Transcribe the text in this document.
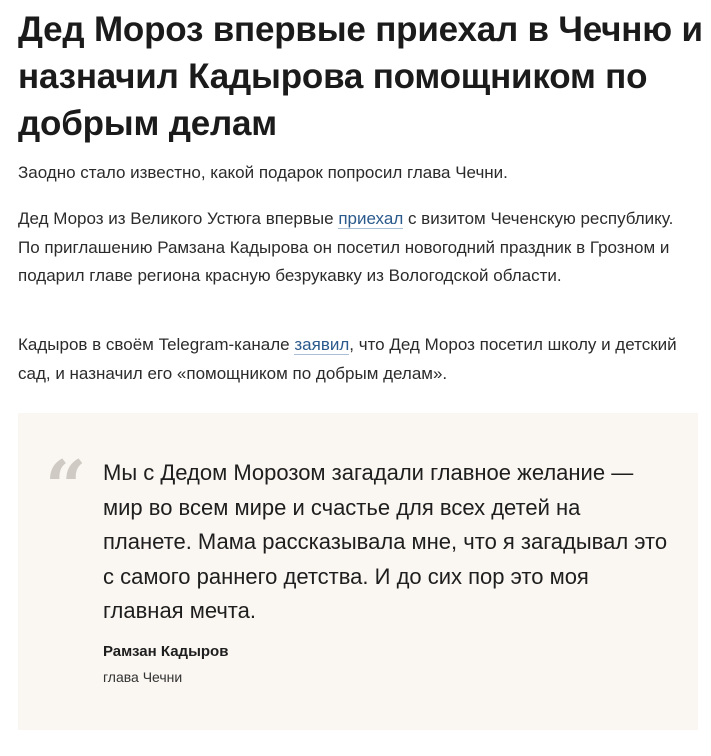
Дед Мороз впервые приехал в Чечню и назначил Кадырова помощником по добрым делам

Заодно стало известно, какой подарок попросил глава Чечни.

Дед Мороз из Великого Устюга впервые приехал с визитом Чеченскую республику. По приглашению Рамзана Кадырова он посетил новогодний праздник в Грозном и подарил главе региона красную безрукавку из Вологодской области.

Кадыров в своём Telegram-канале заявил, что Дед Мороз посетил школу и детский сад, и назначил его «помощником по добрым делам».

“ Мы с Дедом Морозом загадали главное желание — мир во всем мире и счастье для всех детей на планете. Мама рассказывала мне, что я загадывал это с самого раннего детства. И до сих пор это моя главная мечта.

Рамзан Кадыров

глава Чечни
